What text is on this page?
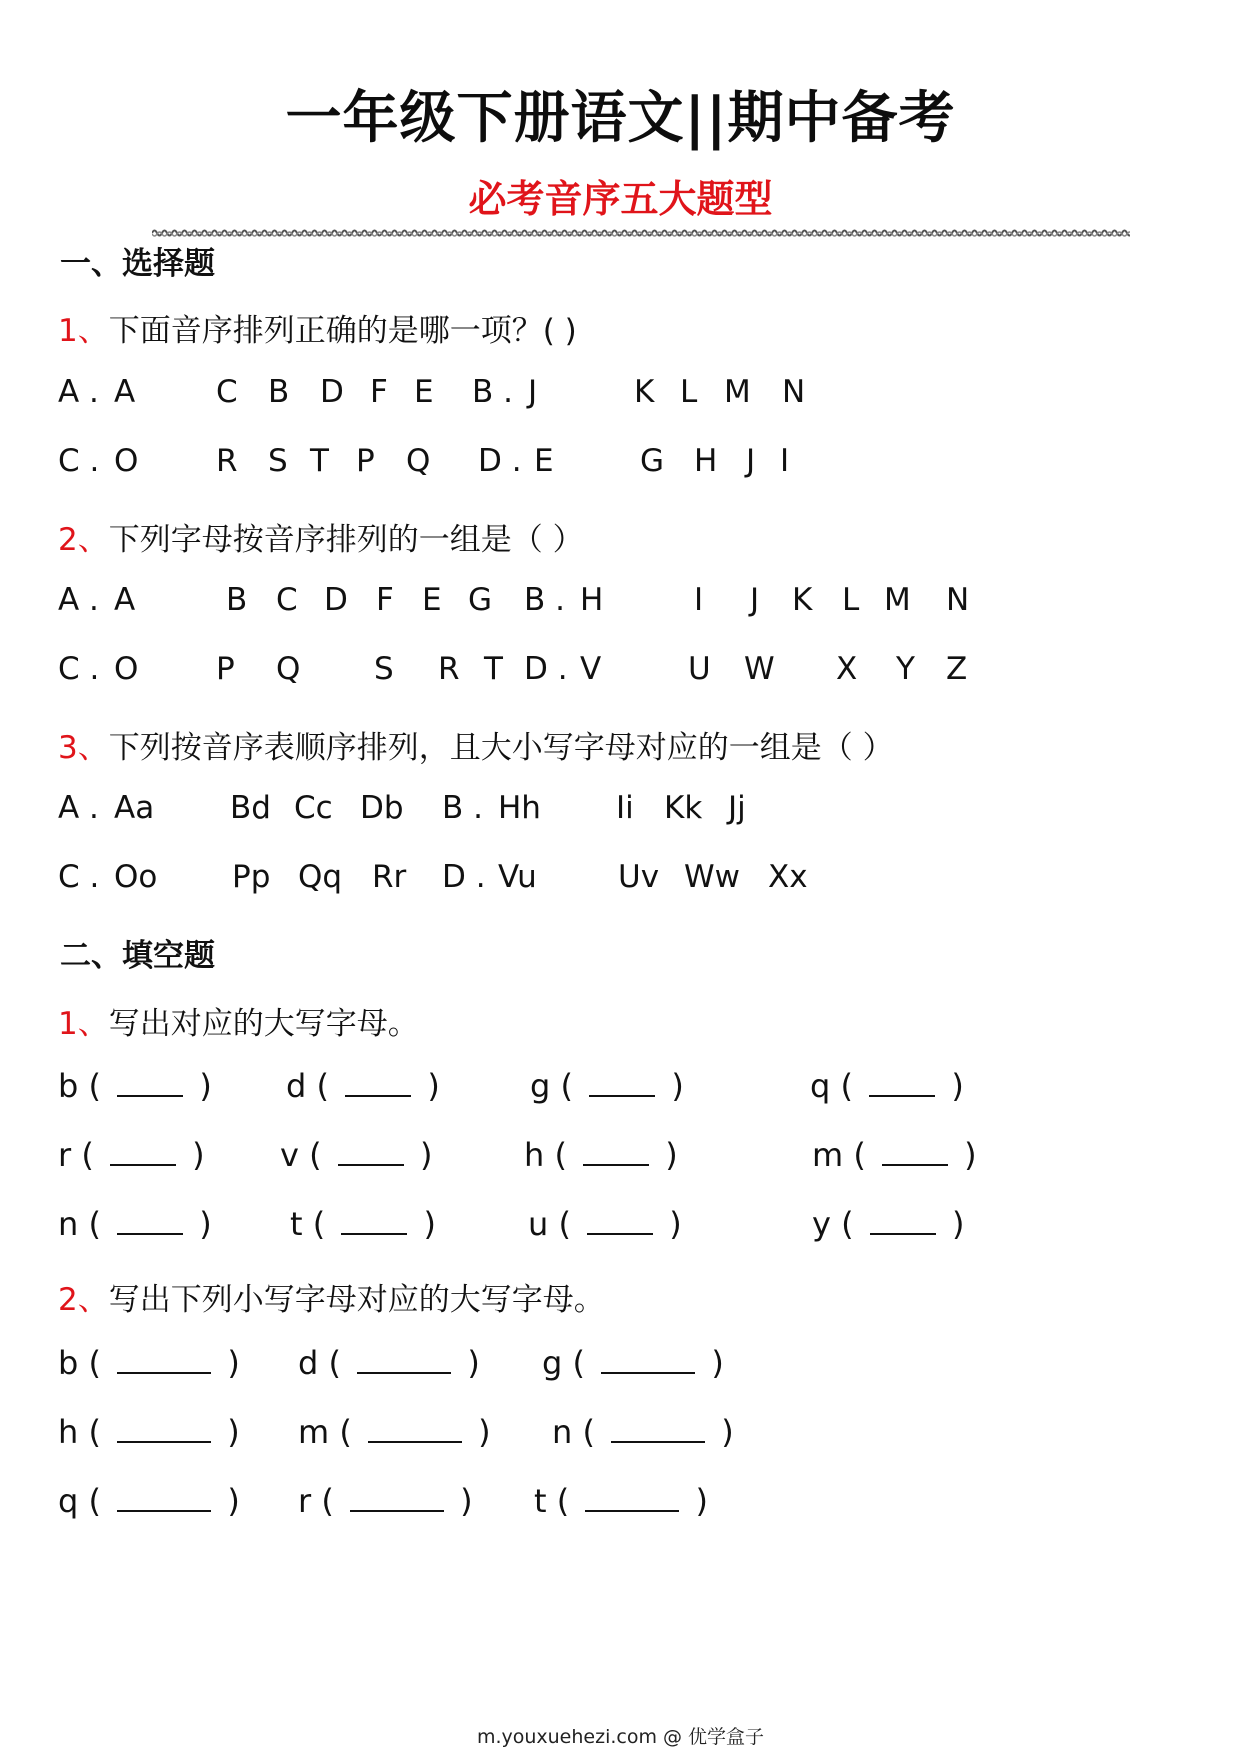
一年级下册语文||期中备考
必考音序五大题型
一、选择题
1、下面音序排列正确的是哪一项？( )
A . A	C B D F E B . J	K L M N
C . O	R S T P Q D . E	G H J I
2、下列字母按音序排列的一组是（ ）
A . A	B C D F E G B . H	I J K L M N
C . O	P Q S R T D . V	U W X Y Z
3、下列按音序表顺序排列，且大小写字母对应的一组是（ ）
A . Aa Bd Cc Db B . Hh Ii Kk Jj
C . Oo Pp Qq Rr D . Vu	Uv Ww Xx
二、填空题
1、写出对应的大写字母。
b (  ) d (  )	g (  )	q (  )
r (  ) v (  )	h (  )	m (  )
n (  ) t (  )	u (  )	y (  )
2、写出下列小写字母对应的大写字母。
b (	) d (	) g (	)
h (	) m (	) n (	)
q (	) r (	) t (	)
m.youxuehezi.com @ 优学盒子
